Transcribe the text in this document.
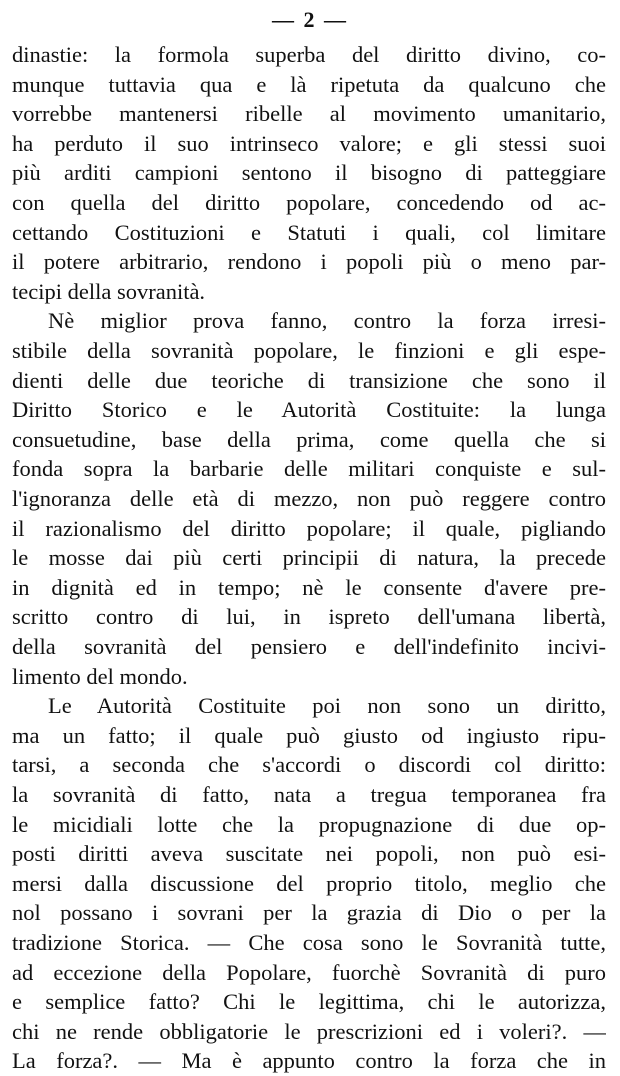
— 2 —
dinastie: la formola superba del diritto divino, co-
munque tuttavia qua e là ripetuta da qualcuno che
vorrebbe mantenersi ribelle al movimento umanitario,
ha perduto il suo intrinseco valore; e gli stessi suoi
più arditi campioni sentono il bisogno di patteggiare
con quella del diritto popolare, concedendo od ac-
cettando Costituzioni e Statuti i quali, col limitare
il potere arbitrario, rendono i popoli più o meno par-
tecipi della sovranità.
Nè miglior prova fanno, contro la forza irresi-
stibile della sovranità popolare, le finzioni e gli espe-
dienti delle due teoriche di transizione che sono il
Diritto Storico e le Autorità Costituite: la lunga
consuetudine, base della prima, come quella che si
fonda sopra la barbarie delle militari conquiste e sul-
l'ignoranza delle età di mezzo, non può reggere contro
il razionalismo del diritto popolare; il quale, pigliando
le mosse dai più certi principii di natura, la precede
in dignità ed in tempo; nè le consente d'avere pre-
scritto contro di lui, in ispreto dell'umana libertà,
della sovranità del pensiero e dell'indefinito incivi-
limento del mondo.
Le Autorità Costituite poi non sono un diritto,
ma un fatto; il quale può giusto od ingiusto ripu-
tarsi, a seconda che s'accordi o discordi col diritto:
la sovranità di fatto, nata a tregua temporanea fra
le micidiali lotte che la propugnazione di due op-
posti diritti aveva suscitate nei popoli, non può esi-
mersi dalla discussione del proprio titolo, meglio che
nol possano i sovrani per la grazia di Dio o per la
tradizione Storica. — Che cosa sono le Sovranità tutte,
ad eccezione della Popolare, fuorchè Sovranità di puro
e semplice fatto? Chi le legittima, chi le autorizza,
chi ne rende obbligatorie le prescrizioni ed i voleri?. —
La forza?. — Ma è appunto contro la forza che in
